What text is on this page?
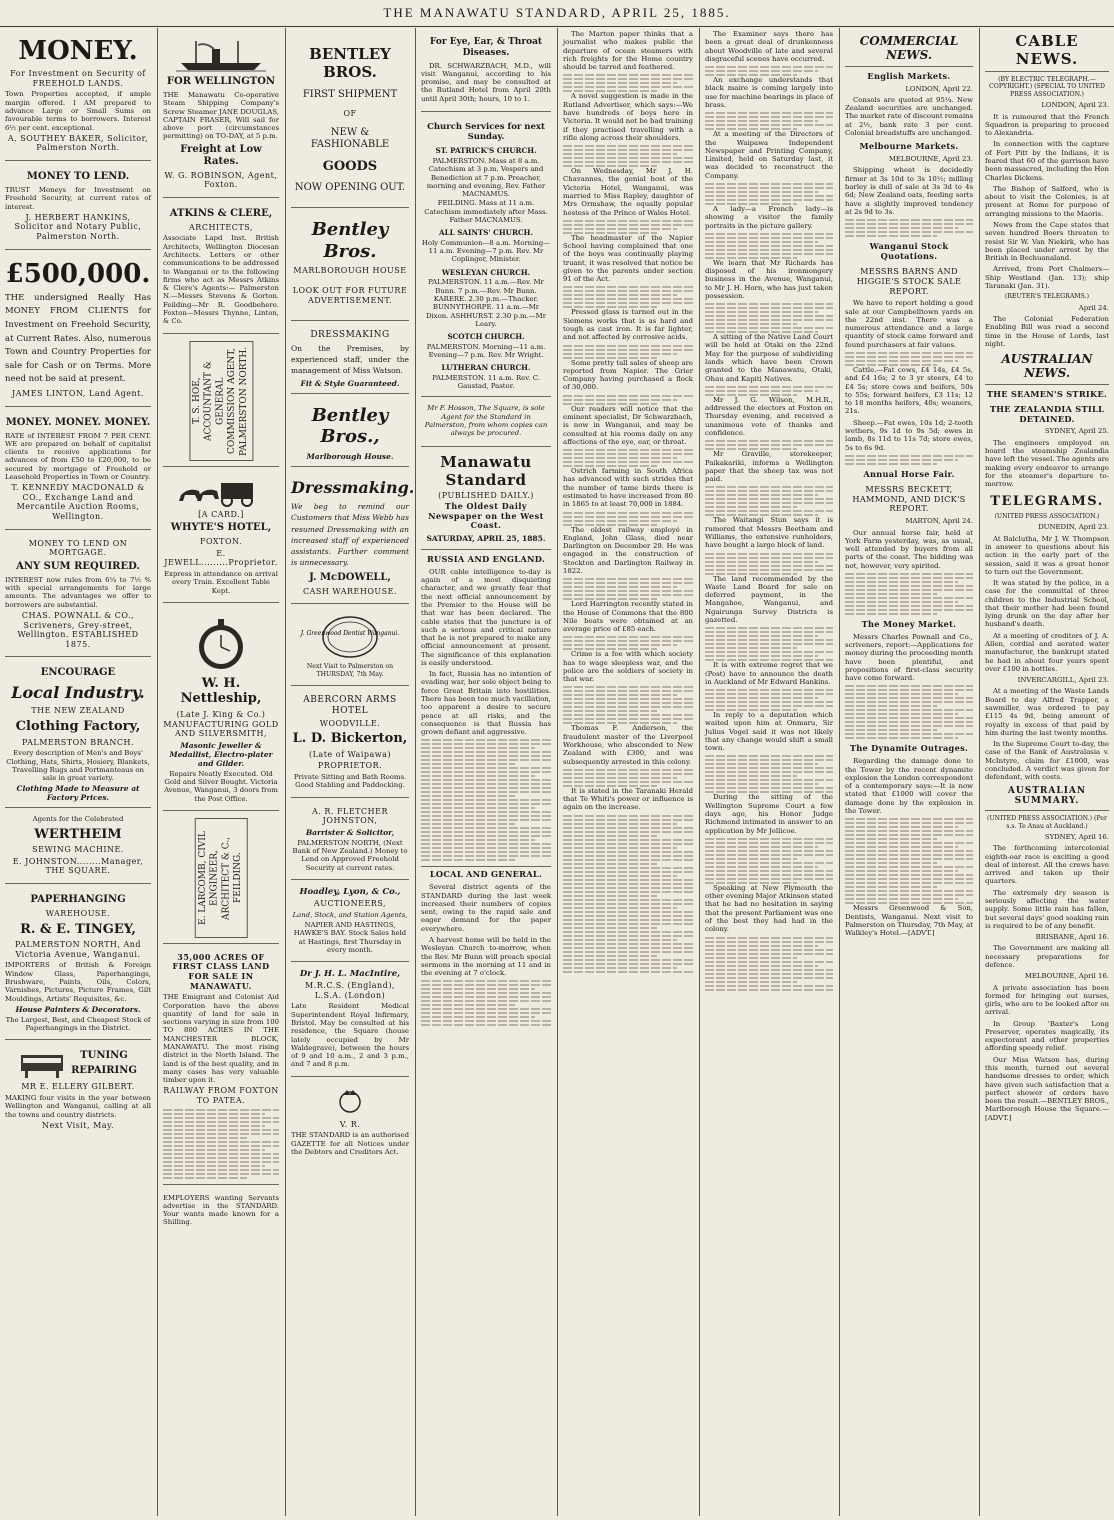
THE MANAWATU STANDARD, APRIL 25, 1885.
MONEY.
For Investment on Security of FREEHOLD LANDS.

Town Properties accepted, if ample margin offered. I AM prepared to advance Large or Small Sums on favourable terms to borrowers. Interest 6½ per cent. exceptional.

A. SOUTHEY BAKER, Solicitor, Palmerston North.
MONEY TO LEND.

TRUST Moneys for Investment on Freehold Security, at current rates of interest.

J. HERBERT HANKINS, Solicitor and Notary Public, Palmerston North.
£500,000.

THE undersigned Really Has MONEY FROM CLIENTS for Investment on Freehold Security, at Current Rates. Also, numerous Town and Country Properties for sale for Cash or on Terms. More need not be said at present.

JAMES LINTON, Land Agent.
MONEY. MONEY. MONEY.

RATE of INTEREST FROM 7 PER CENT. WE are prepared on behalf of capitalist clients to receive applications for advances of from £50 to £20,000, to be secured by mortgage of Freehold or Leasehold Properties in Town or Country.

T. KENNEDY MACDONALD & CO., Exchange Land and Mercantile Auction Rooms, Wellington.
MONEY TO LEND ON MORTGAGE.
ANY SUM REQUIRED.

INTEREST now rules from 6¼ to 7½ % with special arrangements for large amounts. The advantages we offer to borrowers are substantial.

CHAS. POWNALL & CO., Scriveners, Grey-street, Wellington. ESTABLISHED 1875.
ENCOURAGE
Local Industry.
THE NEW ZEALAND
Clothing Factory,
PALMERSTON BRANCH.

Every description of Men's and Boys' Clothing, Hats, Shirts, Hosiery, Blankets, Travelling Rugs and Portmanteaus on sale in great variety.

Clothing Made to Measure at Factory Prices.
Agents for the Celebrated
WERTHEIM
SEWING MACHINE.
E. JOHNSTON........Manager, THE SQUARE.
PAPERHANGING
WAREHOUSE.
R. & E. TINGEY,
PALMERSTON NORTH, And Victoria Avenue, Wanganui.

IMPORTERS of British & Foreign Window Glass, Paperhangings, Brushware, Paints, Oils, Colors, Varnishes, Pictures, Picture Frames, Gilt Mouldings, Artists' Requisites, &c.

House Painters & Decorators.

The Largest, Best, and Cheapest Stock of Paperhangings in the District.

TUNING
REPAIRING
MR E. ELLERY GILBERT.

MAKING four visits in the year between Wellington and Wanganui, calling at all the towns and country districts.

Next Visit, May.
FOR WELLINGTON

THE Manawatu Co-operative Steam Shipping Company's Screw Steamer JANE DOUGLAS, CAPTAIN FRASER, Will sail for above port (circumstances permitting) on TO-DAY, at 5 p.m.

Freight at Low Rates.
W. G. ROBINSON, Agent, Foxton.
ATKINS & CLERE,
ARCHITECTS,

Associate Lapd Inst. British Architects, Wellington Diocesan Architects. Letters or other communications to be addressed to Wanganui or to the following firms who act as Messrs Atkins & Clere's Agents:— Palmerston N.—Messrs Stevens & Gorton. Feilding—Mr R. Goodbehere. Foxton—Messrs Thynne, Linton, & Co.

T. S. HOE, ACCOUNTANT & GENERAL COMMISSION AGENT, PALMERSTON NORTH.
[A CARD.]
WHYTE'S HOTEL,
FOXTON.
E. JEWELL.........Proprietor.

Express in attendance on arrival every Train. Excellent Table Kept.

W. H. Nettleship,
(Late J. King & Co.) MANUFACTURING GOLD AND SILVERSMITH,
Masonic Jeweller & Medallist, Electro-plater and Gilder.

Repairs Neatly Executed. Old Gold and Silver Bought. Victoria Avenue, Wanganui, 3 doors from the Post Office.

E. LARCOMB, CIVIL ENGINEER, ARCHITECT & C., FEILDING.
35,000 ACRES OF FIRST CLASS LAND FOR SALE IN MANAWATU.

THE Emigrant and Colonist Aid Corporation have the above quantity of land for sale in sections varying in size from 100 TO 800 ACRES IN THE MANCHESTER BLOCK, MANAWATU. The most rising district in the North Island. The land is of the best quality, and in many cases has very valuable timber upon it.

RAILWAY FROM FOXTON TO PATEA.

EMPLOYERS wanting Servants advertise in the STANDARD. Your wants made known for a Shilling.

BENTLEY BROS.
FIRST SHIPMENT
OF
NEW & FASHIONABLE
GOODS
NOW OPENING OUT.
Bentley Bros.
MARLBOROUGH HOUSE
LOOK OUT FOR FUTURE ADVERTISEMENT.
DRESSMAKING

On the Premises, by experienced staff, under the management of Miss Watson.

Fit & Style Guaranteed.
Bentley Bros.,
Marlborough House.
Dressmaking.

We beg to remind our Customers that Miss Webb has resumed Dressmaking with an increased staff of experienced assistants. Further comment is unnecessary.

J. McDOWELL,
CASH WAREHOUSE.
J. Greenwood Dentist Wanganui.
Next Visit to Palmerston on THURSDAY, 7th May.
ABERCORN ARMS HOTEL
WOODVILLE.
L. D. Bickerton,
(Late of Waipawa)
PROPRIETOR.

Private Sitting and Bath Rooms. Good Stabling and Paddocking.

A. R. FLETCHER JOHNSTON,
Barrister & Solicitor,

PALMERSTON NORTH, (Next Bank of New Zealand.) Money to Lend on Approved Freehold Security at current rates.

Hoadley, Lyon, & Co.,
AUCTIONEERS,
Land, Stock, and Station Agents,

NAPIER AND HASTINGS, HAWKE'S BAY. Stock Sales held at Hastings, first Thursday in every month.

Dr J. H. L. MacIntire,
M.R.C.S. (England), L.S.A. (London)

Late Resident Medical Superintendent Royal Infirmary, Bristol. May be consulted at his residence, the Square (house lately occupied by Mr Waldegrave), between the hours of 9 and 10 a.m., 2 and 3 p.m., and 7 and 8 p.m.

V. R.

THE STANDARD is an authorised GAZETTE for all Notices under the Debtors and Creditors Act.

For Eye, Ear, & Throat Diseases.

DR. SCHWARZBACH, M.D., will visit Wanganui, according to his promise, and may be consulted at the Rutland Hotel from April 20th until April 30th; hours, 10 to 1.

Church Services for next Sunday.

ST. PATRICK'S CHURCH.

PALMERSTON. Mass at 8 a.m. Catechism at 3 p.m. Vespers and Benediction at 7 p.m. Preacher, morning and evening, Rev. Father MACNAMUS.

FEILDING. Mass at 11 a.m. Catechism immediately after Mass. Father MACNAMUS.

ALL SAINTS' CHURCH.

Holy Communion—8 a.m. Morning—11 a.m. Evening—7 p.m. Rev. Mr Coplinger, Minister.

WESLEYAN CHURCH.

PALMERSTON. 11 a.m.—Rev. Mr Bunn. 7 p.m.—Rev. Mr Bunn. KARERE. 2.30 p.m.—Thacker. BUNNYTHORPE. 11 a.m.—Mr Dixon. ASHHURST. 2.30 p.m.—Mr Leary.

SCOTCH CHURCH.

PALMERSTON. Morning—11 a.m. Evening—7 p.m. Rev. Mr Wright.

LUTHERAN CHURCH.

PALMERSTON. 11 a.m. Rev. C. Gaustad, Pastor.

Mr F. Hosson, The Square, is sole Agent for the Standard in Palmerston, from whom copies can always be procured.

Manawatu Standard
(PUBLISHED DAILY.)
The Oldest Daily Newspaper on the West Coast.
SATURDAY, APRIL 25, 1885.
RUSSIA AND ENGLAND.

OUR cable intelligence to-day is again of a most disquieting character, and we greatly fear that the next official announcement by the Premier to the House will be that war has been declared. The cable states that the juncture is of such a serious and critical nature that he is not prepared to make any official announcement at present. The significance of this explanation is easily understood.

In fact, Russia has no intention of evading war, her sole object being to force Great Britain into hostilities. There has been too much vacillation, too apparent a desire to secure peace at all risks, and the consequence is that Russia has grown defiant and aggressive.

LOCAL AND GENERAL.

Several district agents of the STANDARD during the last week increased their numbers of copies sent, owing to the rapid sale and eager demand for the paper everywhere.

A harvest home will be held in the Wesleyan Church to-morrow, when the Rev. Mr Bunn will preach special sermons in the morning at 11 and in the evening at 7 o'clock.

The Marton paper thinks that a journalist who makes public the departure of ocean steamers with rich freights for the Home country should be tarred and feathered.

A novel suggestion is made in the Rutland Advertiser, which says:—We have hundreds of boys here in Victoria. It would not be bad training if they practised travelling with a rifle along across their shoulders.

On Wednesday, Mr J. H. Chavannes, the genial host of the Victoria Hotel, Wanganui, was married to Miss Rapley, daughter of Mrs Ormshaw, the equally popular hostess of the Prince of Wales Hotel.

The headmaster of the Napier School having complained that one of the boys was continually playing truant, it was resolved that notice be given to the parents under section 91 of the Act.

Pressed glass is turned out in the Siemens works that is as hard and tough as cast iron. It is far lighter, and not affected by corrosive acids.

Some pretty tall sales of sheep are reported from Napier. The Grier Company having purchased a flock of 30,000.

Our readers will notice that the eminent specialist, Dr Schwarzbach, is now in Wanganui, and may be consulted at his rooms daily on any affections of the eye, ear, or throat.

Ostrich farming in South Africa has advanced with such strides that the number of tame birds there is estimated to have increased from 80 in 1865 to at least 70,000 in 1884.

The oldest railway employé in England, John Glass, died near Darlington on December 29. He was engaged in the construction of Stockton and Darlington Railway in 1822.

Lord Harrington recently stated in the House of Commons that the 800 Nile boats were obtained at an average price of £85 each.

Crime is a foe with which society has to wage sleepless war, and the police are the soldiers of society in that war.

Thomas F. Anderson, the fraudulent master of the Liverpool Workhouse, who absconded to New Zealand with £300, and was subsequently arrested in this colony.

It is stated in the Taranaki Herald that Te Whiti's power or influence is again on the increase.

The Examiner says there has been a great deal of drunkenness about Woodville of late and several disgraceful scenes have occurred.

An exchange understands that black maire is coming largely into use for machine bearings in place of brass.

At a meeting of the Directors of the Waipawa Independent Newspaper and Printing Company, Limited, held on Saturday last, it was decided to reconstruct the Company.

A lady—a French lady—is showing a visitor the family portraits in the picture gallery.

We learn that Mr Richards has disposed of his ironmongery business in the Avenue, Wanganui, to Mr J. H. Horn, who has just taken possession.

A sitting of the Native Land Court will be held at Otaki on the 22nd May for the purpose of subdividing lands which have been Crown granted to the Manawatu, Otaki, Ohau and Kapiti Natives.

Mr J. G. Wilson, M.H.R., addressed the electors at Foxton on Thursday evening, and received a unanimous vote of thanks and confidence.

Mr Graville, storekeeper, Paikakariki, informs a Wellington paper that the sheep tax was not paid.

The Waitangi Stun says it is rumored that Messrs Beetham and Williams, the extensive runholders, have bought a large block of land.

The land recommended by the Waste Land Board for sale on deferred payment, in the Mangahoe, Wanganui, and Ngairunga Survey Districts is gazetted.

It is with extreme regret that we (Post) have to announce the death in Auckland of Mr Edward Hankins.

In reply to a deputation which waited upon him at Onmaru, Sir Julius Vogel said it was not likely that any change would shift a small town.

During the sitting of the Wellington Supreme Court a few days ago, his Honor Judge Richmond intimated in answer to an application by Mr Jellicoe.

Speaking at New Plymouth the other evening Major Atkinson stated that he had no hesitation in saying that the present Parliament was one of the best they had had in the colony.

COMMERCIAL NEWS.
English Markets.

LONDON, April 22.

Consols are quoted at 95¼. New Zealand securities are unchanged. The market rate of discount remains at 2½, bank rate 3 per cent. Colonial breadstuffs are unchanged.

Melbourne Markets.

MELBOURNE, April 23.

Shipping wheat is decidedly firmer at 3s 10d to 3s 10½; milling barley is dull of sale at 3s 3d to 4s 6d; New Zealand oats, feeding sorts have a slightly improved tendency at 2s 9d to 3s.

Wanganui Stock Quotations.
MESSRS BARNS AND HIGGIE'S STOCK SALE REPORT.

We have to report holding a good sale at our Campbelltown yards on the 22nd inst. There was a numerous attendance and a large quantity of stock came forward and found purchasers at fair values.

Cattle.—Fat cows, £4 14s, £4 5s, and £4 16s; 2 to 3 yr steers, £4 to £4 5s; store cows and heifers, 50s to 55s; forward heifers, £3 11s; 12 to 18 months heifers, 40s; weaners, 21s.

Sheep.—Fat ewes, 10s 1d; 2-tooth wethers, 9s 1d to 9s 5d; ewes in lamb, 8s 11d to 11s 7d; store ewes, 5s to 6s 9d.

Annual Horse Fair.
MESSRS BECKETT, HAMMOND, AND DICK'S REPORT.

MARTON, April 24.

Our annual horse fair, held at York Farm yesterday, was, as usual, well attended by buyers from all parts of the coast. The bidding was not, however, very spirited.

The Money Market.

Messrs Charles Pownall and Co., scriveners, report:—Applications for money during the proceeding month have been plentiful, and propositions of first-class security have come forward.

The Dynamite Outrages.

Regarding the damage done to the Tower by the recent dynamite explosion the London correspondent of a contemporary says:—It is now stated that £1000 will cover the damage done by the explosion in the Tower.

Messrs Greenwood & Son, Dentists, Wanganui. Next visit to Palmerston on Thursday, 7th May, at Walkley's Hotel.—[ADVT.]

CABLE NEWS.

(BY ELECTRIC TELEGRAPH.—COPYRIGHT.) (SPECIAL TO UNITED PRESS ASSOCIATION.)

LONDON, April 23.

It is rumoured that the French Squadron is preparing to proceed to Alexandria.

In connection with the capture of Fort Pitt by the Indians, it is feared that 60 of the garrison have been massacred, including the Hon Charles Dickens.

The Bishop of Salford, who is about to visit the Colonies, is at present at Rome for purpose of arranging missions to the Maoris.

News from the Cape states that seven hundred Boers threaten to resist Sir W. Van Niekirk, who has been placed under arrest by the British in Bechuanaland.

Arrived, from Port Chalmers—Ship Westland (Jan. 13); ship Taranaki (Jan. 31).

(REUTER'S TELEGRAMS.)

April 24.

The Colonial Federation Enabling Bill was read a second time in the House of Lords, last night.

AUSTRALIAN NEWS.
THE SEAMEN'S STRIKE.
THE ZEALANDIA STILL DETAINED.

SYDNEY, April 25.

The engineers employed on board the steamship Zealandia have left the vessel. The agents are making every endeavor to arrange for the steamer's departure to-morrow.

TELEGRAMS.

(UNITED PRESS ASSOCIATION.)

DUNEDIN, April 23.

At Balclutha, Mr J. W. Thompson in answer to questions about his action in the early part of the session, said it was a great honor to turn out the Government.

It was stated by the police, in a case for the committal of three children to the Industrial School, that their mother had been found lying drunk on the day after her husband's death.

At a meeting of creditors of J. A. Allen, cordial and aerated water manufacturer, the bankrupt stated he had in about four years spent over £100 in bottles.

INVERCARGILL, April 23.

At a meeting of the Waste Lands Board to day Alfred Trapper, a sawmiller, was ordered to pay £115 4s 9d, being amount of royalty in excess of that paid by him during the last twenty months.

In the Supreme Court to-day, the case of the Bank of Australasia v. McIntyre, claim for £1000, was concluded. A verdict was given for defendant, with costs.

AUSTRALIAN SUMMARY.

(UNITED PRESS ASSOCIATION.) (Per s.s. Te Anau at Auckland.)

SYDNEY, April 16.

The forthcoming intercolonial eighth-oar race is exciting a good deal of interest. All the crews have arrived and taken up their quarters.

The extremely dry season is seriously affecting the water supply. Some little rain has fallen, but several days' good soaking rain is required to be of any benefit.

BRISBANE, April 16.

The Government are making all necessary preparations for defence.

MELBOURNE, April 16.

A private association has been formed for bringing out nurses, girls, who are to be looked after on arrival.

In Group 'Baxter's Long Preserver, operates magically, its expectorant and other properties affording speedy relief.

Our Miss Watson has, during this month, turned out several handsome dresses to order, which have given such satisfaction that a perfect shower of orders have been the result.—BENTLEY BROS., Marlborough House the Square.—[ADVT.]
